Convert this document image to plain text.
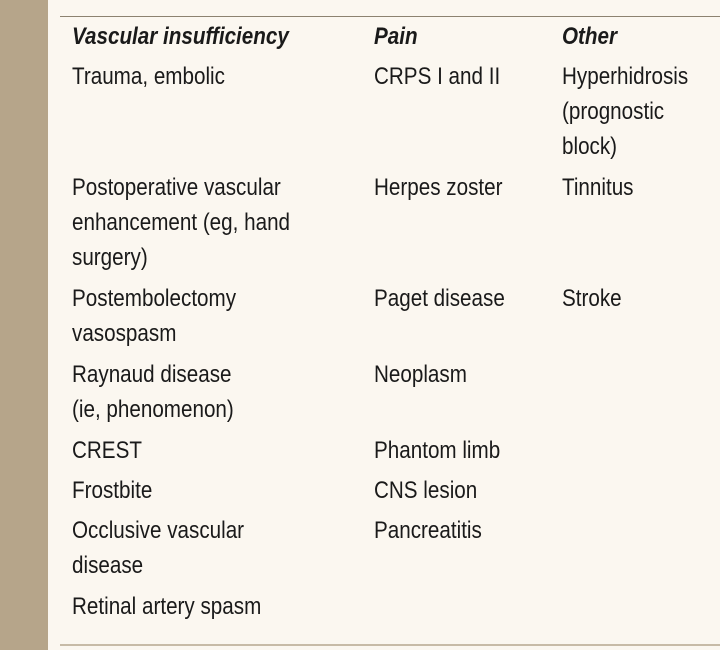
Vascular insufficiency	Pain	Other
Trauma, embolic
Postoperative vascular
enhancement (eg, hand
surgery)
Postembolectomy
vasospasm
Raynaud disease
(ie, phenomenon)
CREST
Frostbite
Occlusive vascular
disease
Retinal artery spasm
CRPS I and II
Herpes zoster
Paget disease
Neoplasm
Phantom limb
CNS lesion
Pancreatitis
Hyperhidrosis
(prognostic
block)
Tinnitus
Stroke
